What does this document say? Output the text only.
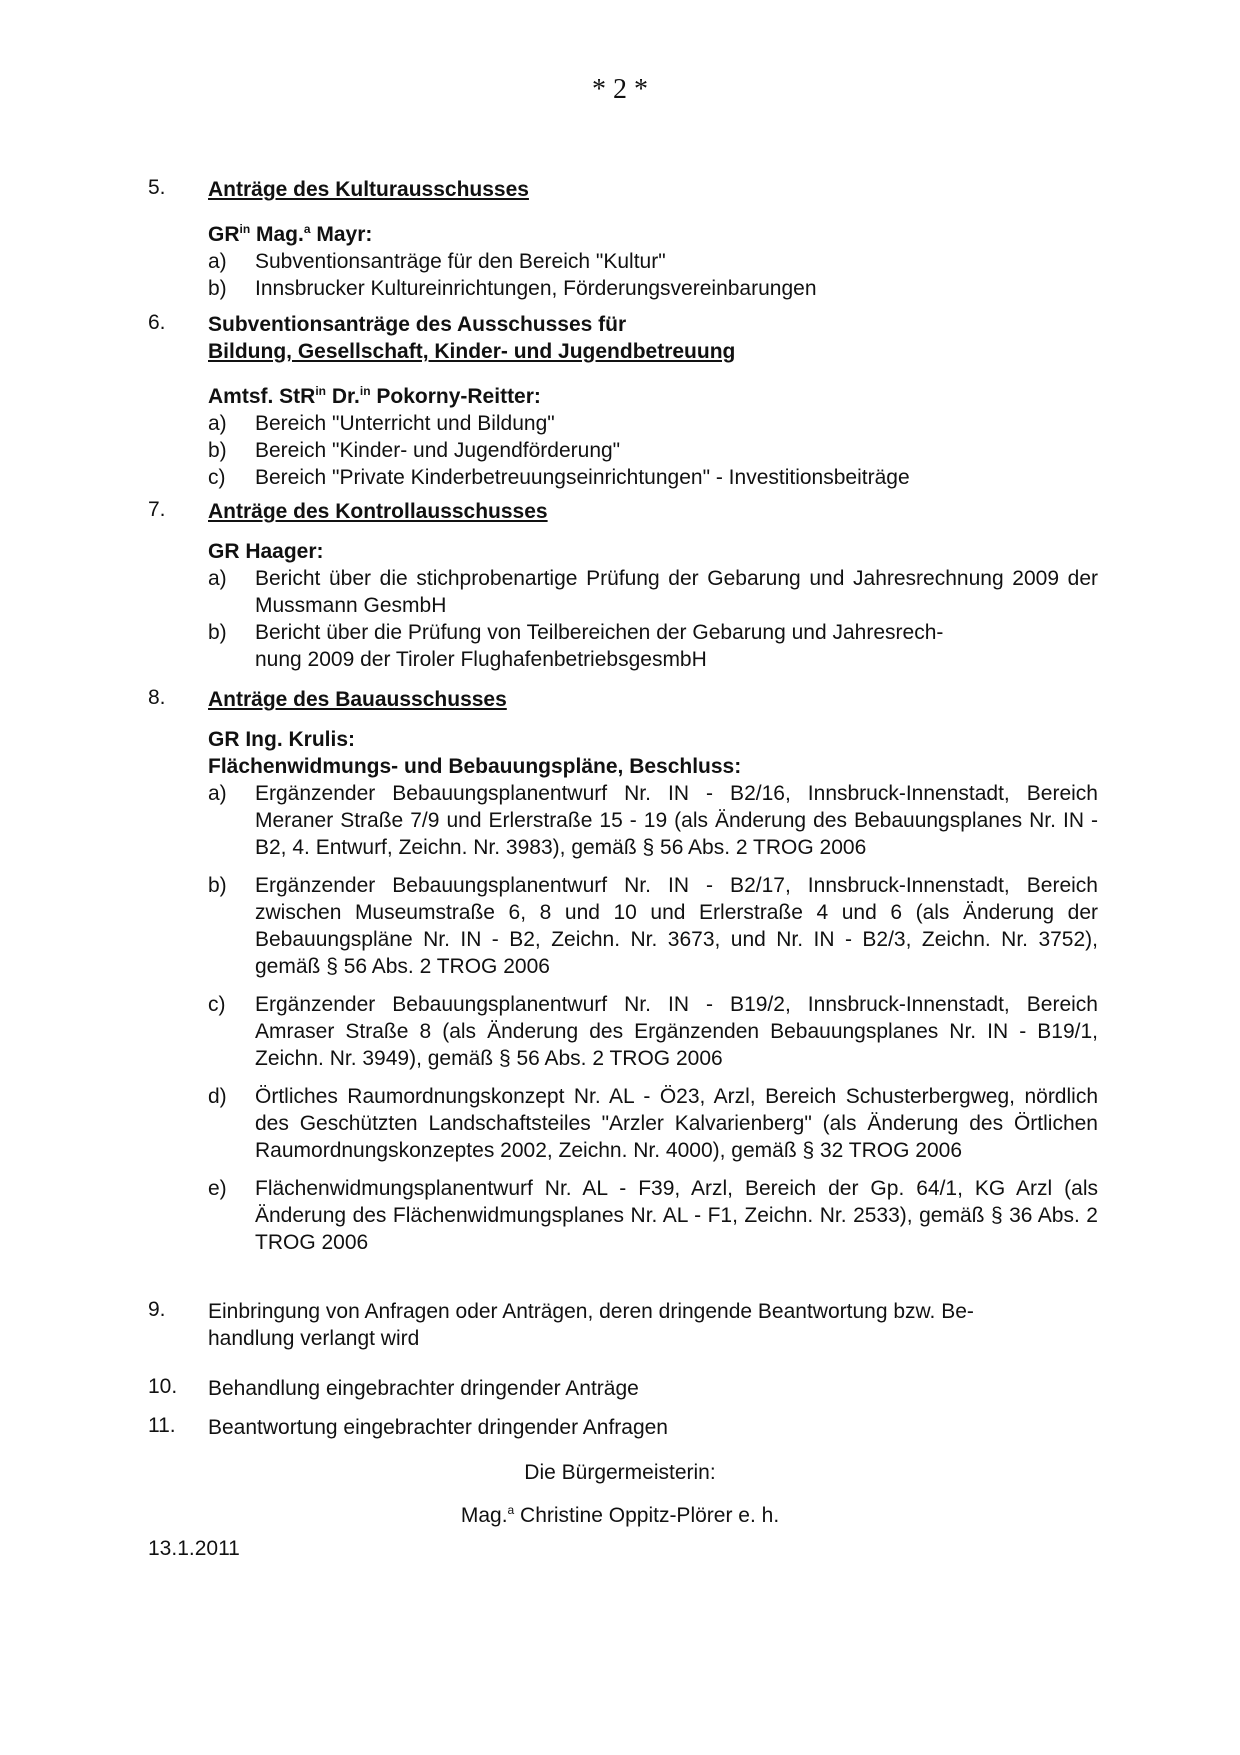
* 2 *
5. Anträge des Kulturausschusses
$GR^{in}$ Mag.$^a$ Mayr:
a) Subventionsanträge für den Bereich "Kultur"
b) Innsbrucker Kultureinrichtungen, Förderungsvereinbarungen
6. Subventionsanträge des Ausschusses für
Bildung, Gesellschaft, Kinder- und Jugendbetreuung
Amtsf. StR$^{in}$ Dr.$^{in}$ Pokorny-Reitter:
a) Bereich "Unterricht und Bildung"
b) Bereich "Kinder- und Jugendförderung"
c) Bereich "Private Kinderbetreuungseinrichtungen" - Investitionsbeiträge
7. Anträge des Kontrollausschusses
GR Haager:
a) Bericht über die stichprobenartige Prüfung der Gebarung und Jahresrechnung 2009 der Mussmann GesmbH
b) Bericht über die Prüfung von Teilbereichen der Gebarung und Jahresrech-
nung 2009 der Tiroler FlughafenbetriebsgesmbH
8. Anträge des Bauausschusses
GR Ing. Krulis:
Flächenwidmungs- und Bebauungspläne, Beschluss:
a) Ergänzender Bebauungsplanentwurf Nr. IN - B2/16, Innsbruck-Innenstadt, Bereich Meraner Straße 7/9 und Erlerstraße 15 - 19 (als Änderung des Bebauungsplanes Nr. IN - B2, 4. Entwurf, Zeichn. Nr. 3983), gemäß § 56 Abs. 2 TROG 2006
b) Ergänzender Bebauungsplanentwurf Nr. IN - B2/17, Innsbruck-Innenstadt, Bereich zwischen Museumstraße 6, 8 und 10 und Erlerstraße 4 und 6 (als Änderung der Bebauungspläne Nr. IN - B2, Zeichn. Nr. 3673, und Nr. IN - B2/3, Zeichn. Nr. 3752), gemäß § 56 Abs. 2 TROG 2006
c) Ergänzender Bebauungsplanentwurf Nr. IN - B19/2, Innsbruck-Innenstadt, Bereich Amraser Straße 8 (als Änderung des Ergänzenden Bebauungsplanes Nr. IN - B19/1, Zeichn. Nr. 3949), gemäß § 56 Abs. 2 TROG 2006
d) Örtliches Raumordnungskonzept Nr. AL - Ö23, Arzl, Bereich Schusterbergweg, nördlich des Geschützten Landschaftsteiles "Arzler Kalvarienberg" (als Änderung des Örtlichen Raumordnungskonzeptes 2002, Zeichn. Nr. 4000), gemäß § 32 TROG 2006
e) Flächenwidmungsplanentwurf Nr. AL - F39, Arzl, Bereich der Gp. 64/1, KG Arzl (als Änderung des Flächenwidmungsplanes Nr. AL - F1, Zeichn. Nr. 2533), gemäß § 36 Abs. 2 TROG 2006
9. Einbringung von Anfragen oder Anträgen, deren dringende Beantwortung bzw. Be-
handlung verlangt wird
10. Behandlung eingebrachter dringender Anträge
11. Beantwortung eingebrachter dringender Anfragen
Die Bürgermeisterin:
Mag.$^a$ Christine Oppitz-Plörer e. h.
13.1.2011
